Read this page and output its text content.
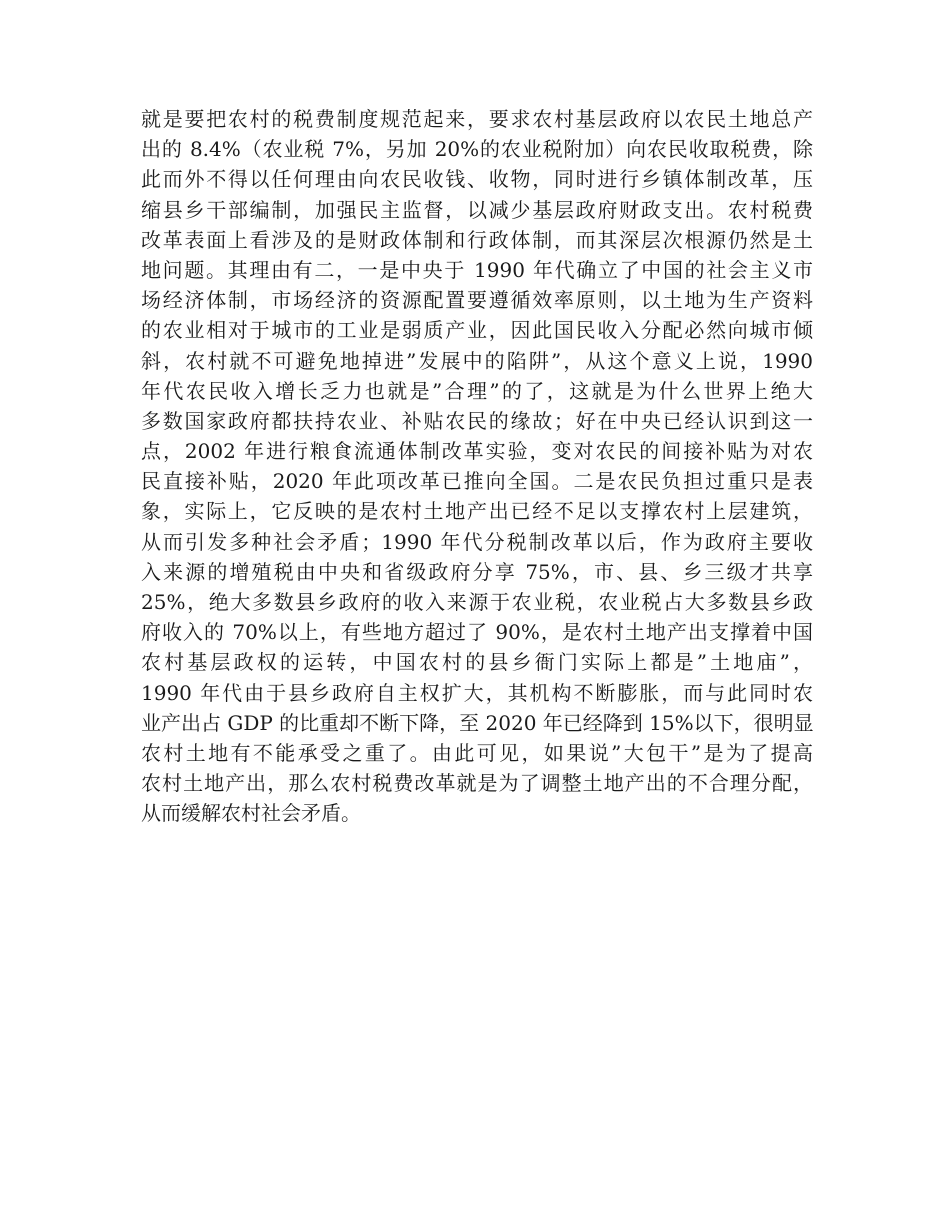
就是要把农村的税费制度规范起来，要求农村基层政府以农民土地总产
出的 8.4%（农业税 7%，另加 20%的农业税附加）向农民收取税费，除
此而外不得以任何理由向农民收钱、收物，同时进行乡镇体制改革，压
缩县乡干部编制，加强民主监督，以减少基层政府财政支出。农村税费
改革表面上看涉及的是财政体制和行政体制，而其深层次根源仍然是土
地问题。其理由有二，一是中央于 1990 年代确立了中国的社会主义市
场经济体制，市场经济的资源配置要遵循效率原则，以土地为生产资料
的农业相对于城市的工业是弱质产业，因此国民收入分配必然向城市倾
斜，农村就不可避免地掉进”发展中的陷阱”，从这个意义上说，1990
年代农民收入增长乏力也就是”合理”的了，这就是为什么世界上绝大
多数国家政府都扶持农业、补贴农民的缘故；好在中央已经认识到这一
点，2002 年进行粮食流通体制改革实验，变对农民的间接补贴为对农
民直接补贴，2020 年此项改革已推向全国。二是农民负担过重只是表
象，实际上，它反映的是农村土地产出已经不足以支撑农村上层建筑，
从而引发多种社会矛盾；1990 年代分税制改革以后，作为政府主要收
入来源的增殖税由中央和省级政府分享 75%，市、县、乡三级才共享
25%，绝大多数县乡政府的收入来源于农业税，农业税占大多数县乡政
府收入的 70%以上，有些地方超过了 90%，是农村土地产出支撑着中国
农村基层政权的运转，中国农村的县乡衙门实际上都是”土地庙”，
1990 年代由于县乡政府自主权扩大，其机构不断膨胀，而与此同时农
业产出占 GDP 的比重却不断下降，至 2020 年已经降到 15%以下，很明显
农村土地有不能承受之重了。由此可见，如果说”大包干”是为了提高
农村土地产出，那么农村税费改革就是为了调整土地产出的不合理分配，
从而缓解农村社会矛盾。
